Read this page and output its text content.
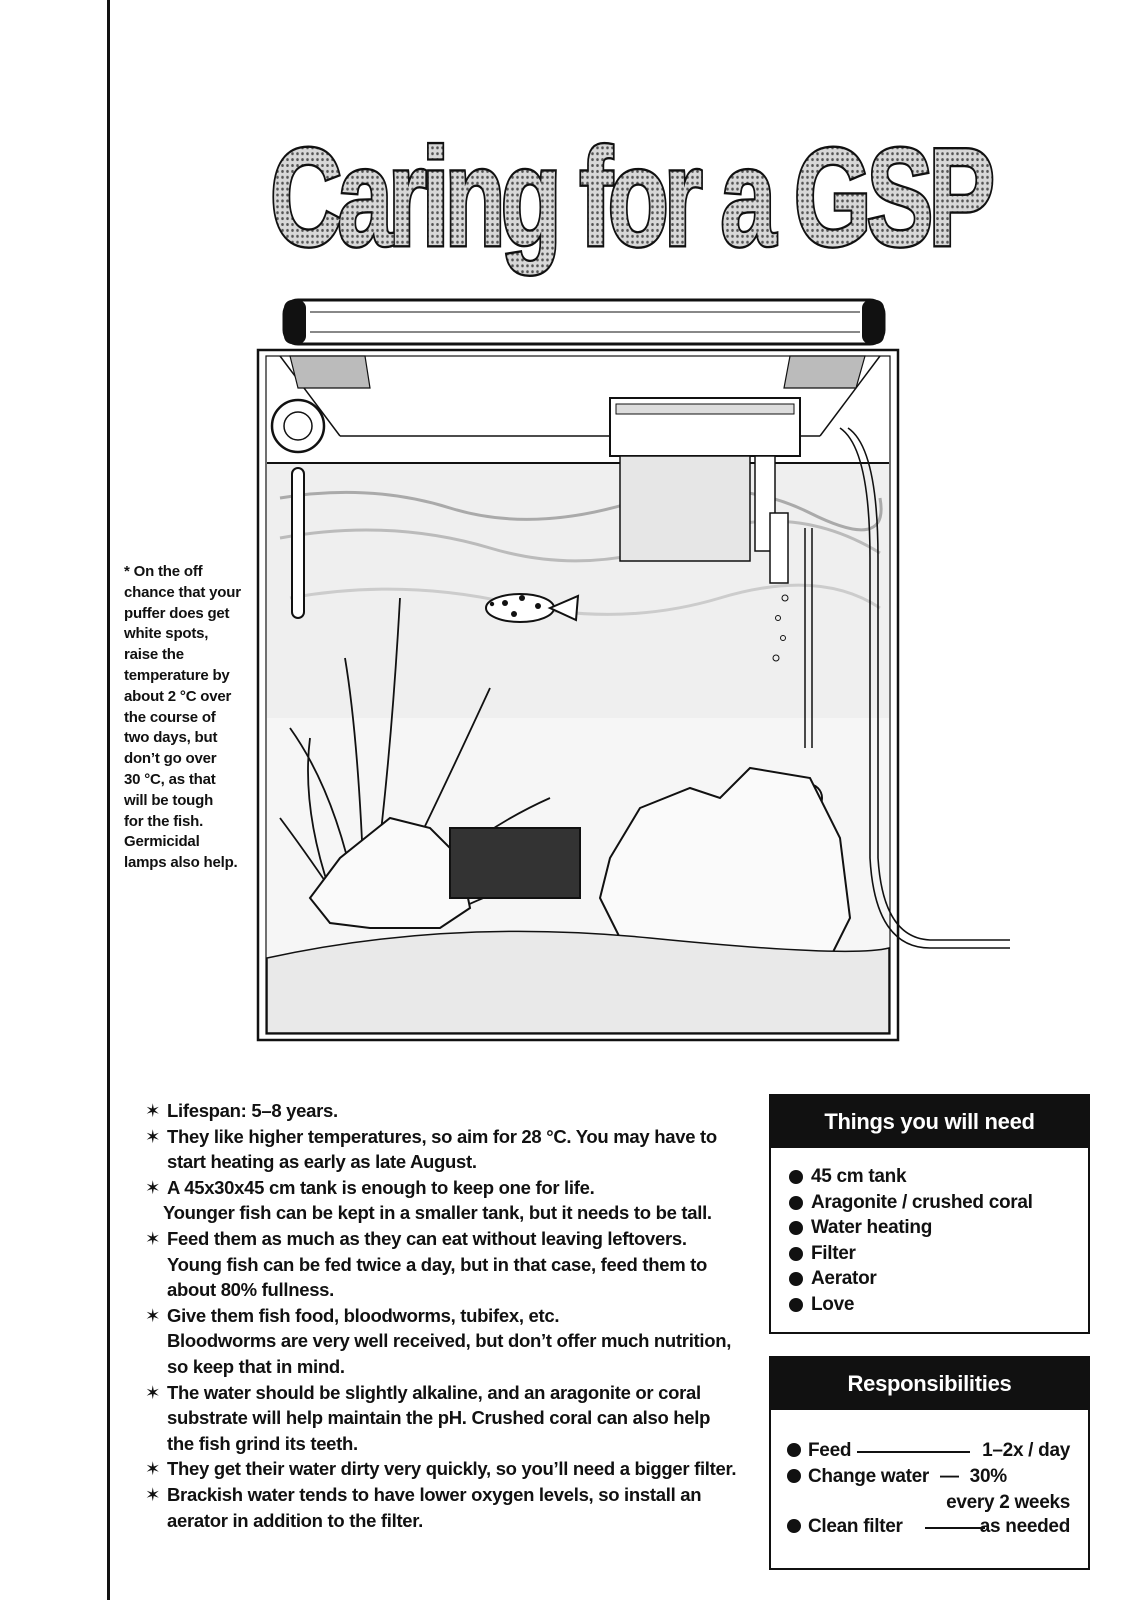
Caring for a GSP
* On the off
chance that your
puffer does get
white spots,
raise the
temperature by
about 2 °C over
the course of
two days, but
don’t go over
30 °C, as that
will be tough
for the fish.
Germicidal
lamps also help.
✶ Lifespan: 5–8 years.
✶ They like higher temperatures, so aim for 28 °C. You may have to
start heating as early as late August.
✶ A 45x30x45 cm tank is enough to keep one for life.
Younger fish can be kept in a smaller tank, but it needs to be tall.
✶ Feed them as much as they can eat without leaving leftovers.
Young fish can be fed twice a day, but in that case, feed them to
about 80% fullness.
✶ Give them fish food, bloodworms, tubifex, etc.
Bloodworms are very well received, but don’t offer much nutrition,
so keep that in mind.
✶ The water should be slightly alkaline, and an aragonite or coral
substrate will help maintain the pH. Crushed coral can also help
the fish grind its teeth.
✶ They get their water dirty very quickly, so you’ll need a bigger filter.
✶ Brackish water tends to have lower oxygen levels, so install an
aerator in addition to the filter.
Things you will need
45 cm tank
Aragonite / crushed coral
Water heating
Filter
Aerator
Love
Responsibilities
Feed	1–2x / day
Change water — 30%
every 2 weeks
Clean filter	as needed
